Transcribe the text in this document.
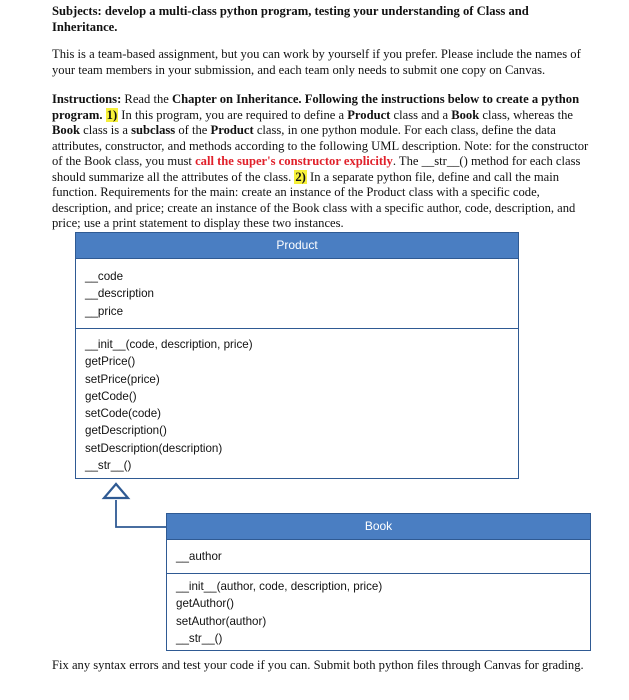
Subjects: develop a multi-class python program, testing your understanding of Class and Inheritance.

This is a team-based assignment, but you can work by yourself if you prefer. Please include the names of your team members in your submission, and each team only needs to submit one copy on Canvas.

Instructions: Read the Chapter on Inheritance. Following the instructions below to create a python program. 1) In this program, you are required to define a Product class and a Book class, whereas the Book class is a subclass of the Product class, in one python module. For each class, define the data attributes, constructor, and methods according to the following UML description. Note: for the constructor of the Book class, you must call the super's constructor explicitly. The __str__() method for each class should summarize all the attributes of the class. 2) In a separate python file, define and call the main function. Requirements for the main: create an instance of the Product class with a specific code, description, and price; create an instance of the Book class with a specific author, code, description, and price; use a print statement to display these two instances.

Fix any syntax errors and test your code if you can. Submit both python files through Canvas for grading.

Product
__code
__description
__price
__init__(code, description, price)
getPrice()
setPrice(price)
getCode()
setCode(code)
getDescription()
setDescription(description)
__str__()
Book
__author
__init__(author, code, description, price)
getAuthor()
setAuthor(author)
__str__()
